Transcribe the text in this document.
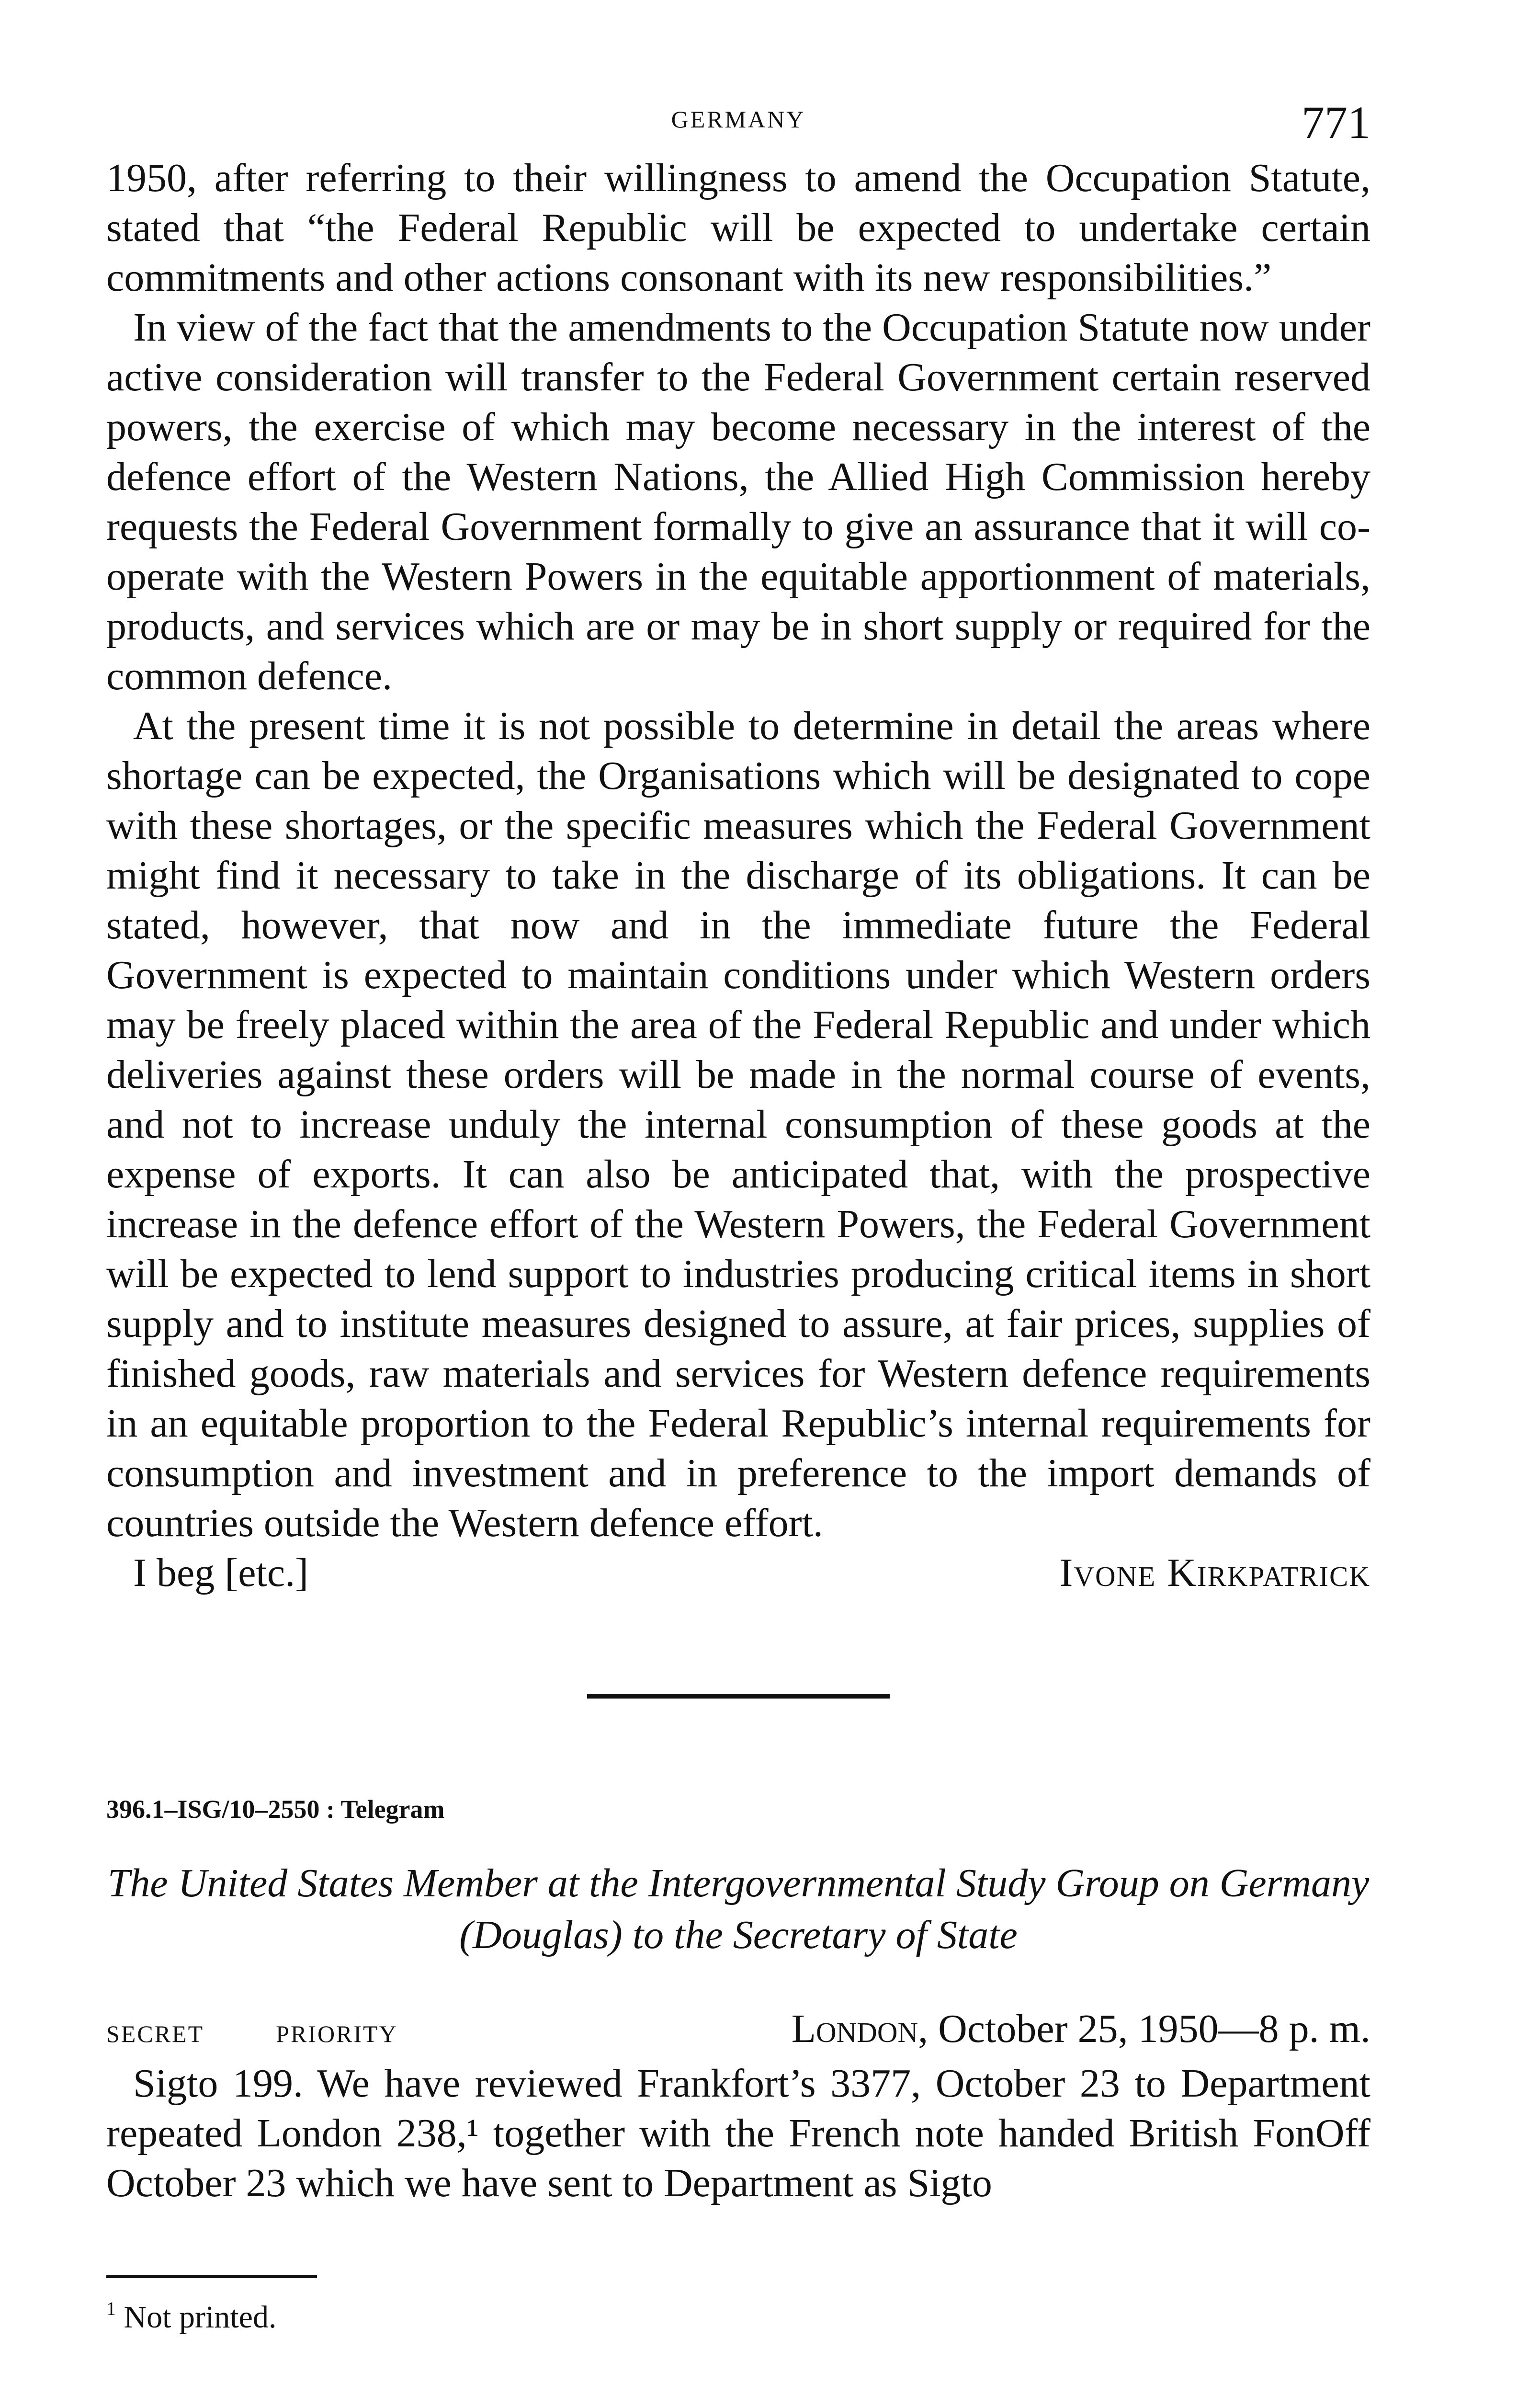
GERMANY	771

1950, after referring to their willingness to amend the Occupation Statute, stated that “the Federal Republic will be expected to undertake certain commitments and other actions consonant with its new responsibilities.”

In view of the fact that the amendments to the Occupation Statute now under active consideration will transfer to the Federal Government certain reserved powers, the exercise of which may become necessary in the interest of the defence effort of the Western Nations, the Allied High Commission hereby requests the Federal Government formally to give an assurance that it will co-operate with the Western Powers in the equitable apportionment of materials, products, and services which are or may be in short supply or required for the common defence.

At the present time it is not possible to determine in detail the areas where shortage can be expected, the Organisations which will be designated to cope with these shortages, or the specific measures which the Federal Government might find it necessary to take in the discharge of its obligations. It can be stated, however, that now and in the immediate future the Federal Government is expected to maintain conditions under which Western orders may be freely placed within the area of the Federal Republic and under which deliveries against these orders will be made in the normal course of events, and not to increase unduly the internal consumption of these goods at the expense of exports. It can also be anticipated that, with the prospective increase in the defence effort of the Western Powers, the Federal Government will be expected to lend support to industries producing critical items in short supply and to institute measures designed to assure, at fair prices, supplies of finished goods, raw materials and services for Western defence requirements in an equitable proportion to the Federal Republic’s internal requirements for consumption and investment and in preference to the import demands of countries outside the Western defence effort.

I beg [etc.]	Ivone Kirkpatrick
396.1–ISG/10–2550 : Telegram
The United States Member at the Intergovernmental Study Group on Germany (Douglas) to the Secretary of State
SECRET	PRIORITY	London, October 25, 1950—8 p. m.

Sigto 199. We have reviewed Frankfort’s 3377, October 23 to Department repeated London 238,¹ together with the French note handed British FonOff October 23 which we have sent to Department as Sigto

$^1$ Not printed.
